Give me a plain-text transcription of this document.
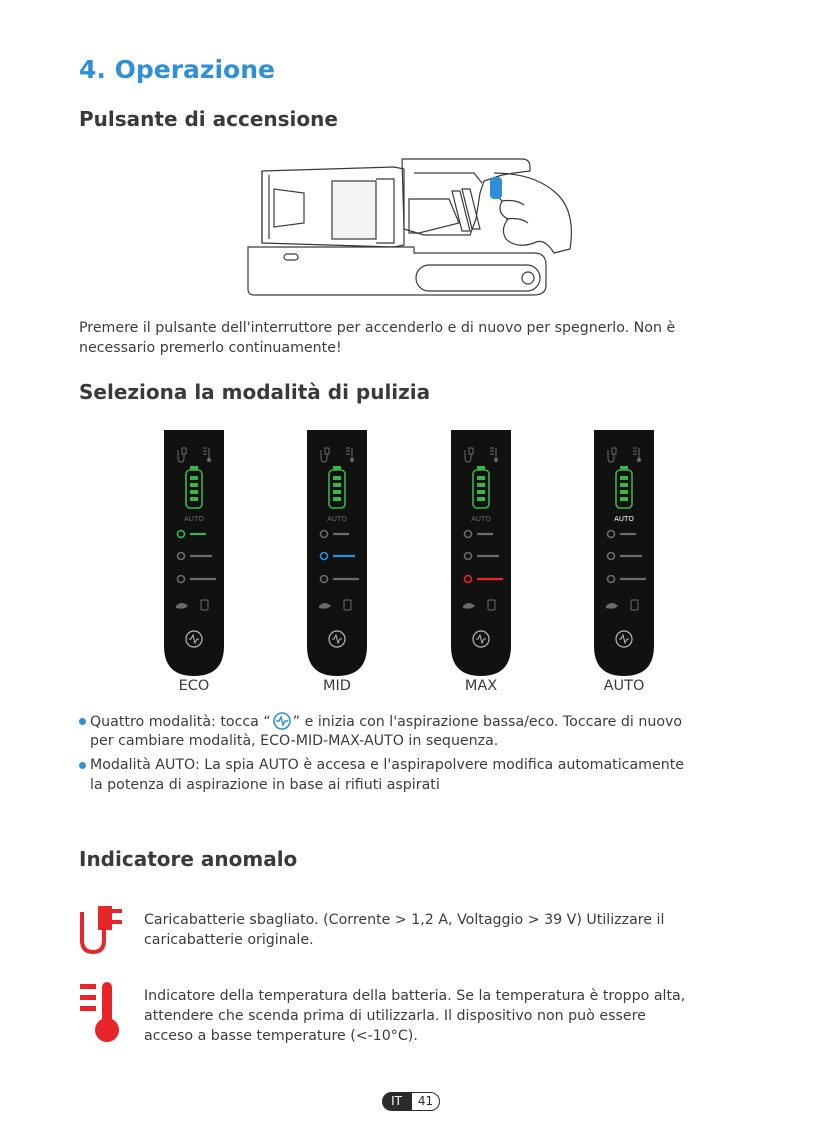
4. Operazione
Pulsante di accensione
Premere il pulsante dell'interruttore per accenderlo e di nuovo per spegnerlo. Non è
necessario premerlo continuamente!
Seleziona la modalità di pulizia
AUTO	AUTO	AUTO	AUTO
ECO	MID	MAX	AUTO
Quattro modalità: tocca “ ” e inizia con l'aspirazione bassa/eco. Toccare di nuovo
per cambiare modalità, ECO-MID-MAX-AUTO in sequenza.
Modalità AUTO: La spia AUTO è accesa e l'aspirapolvere modifica automaticamente
la potenza di aspirazione in base ai rifiuti aspirati
Indicatore anomalo
Caricabatterie sbagliato. (Corrente > 1,2 A, Voltaggio > 39 V) Utilizzare il
caricabatterie originale.
Indicatore della temperatura della batteria. Se la temperatura è troppo alta,
attendere che scenda prima di utilizzarla. Il dispositivo non può essere
acceso a basse temperature (<-10°C).
IT	41
